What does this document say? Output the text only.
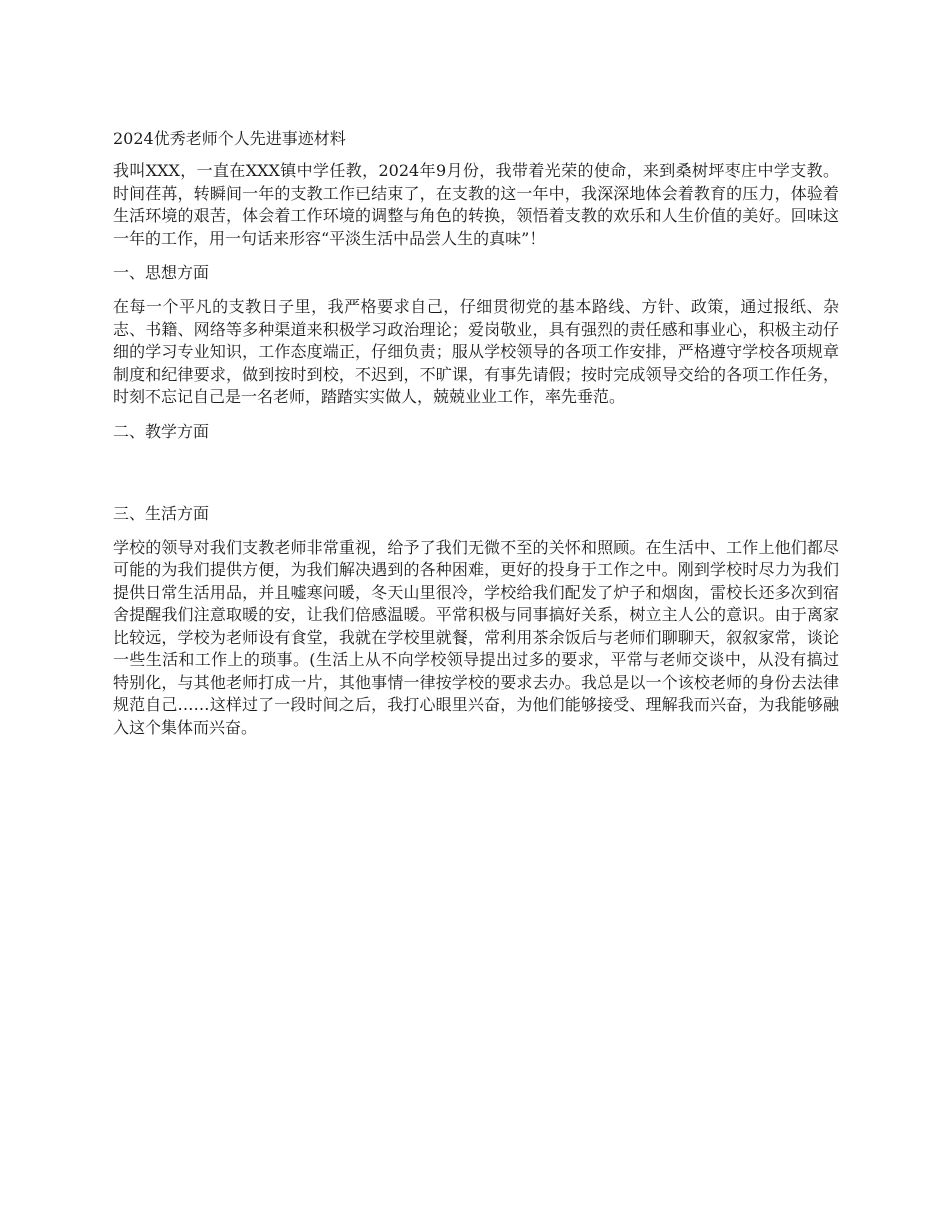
2024优秀老师个人先进事迹材料

我叫XXX，一直在XXX镇中学任教，2024年9月份，我带着光荣的使命，来到桑树坪枣庄中学支教。时间荏苒，转瞬间一年的支教工作已结束了，在支教的这一年中，我深深地体会着教育的压力，体验着生活环境的艰苦，体会着工作环境的调整与角色的转换，领悟着支教的欢乐和人生价值的美好。回味这一年的工作，用一句话来形容“平淡生活中品尝人生的真味”！

一、思想方面

在每一个平凡的支教日子里，我严格要求自己，仔细贯彻党的基本路线、方针、政策，通过报纸、杂志、书籍、网络等多种渠道来积极学习政治理论；爱岗敬业，具有强烈的责任感和事业心，积极主动仔细的学习专业知识，工作态度端正，仔细负责；服从学校领导的各项工作安排，严格遵守学校各项规章制度和纪律要求，做到按时到校，不迟到，不旷课，有事先请假；按时完成领导交给的各项工作任务，时刻不忘记自己是一名老师，踏踏实实做人，兢兢业业工作，率先垂范。

二、教学方面
三、生活方面

学校的领导对我们支教老师非常重视，给予了我们无微不至的关怀和照顾。在生活中、工作上他们都尽可能的为我们提供方便，为我们解决遇到的各种困难，更好的投身于工作之中。刚到学校时尽力为我们提供日常生活用品，并且嘘寒问暖，冬天山里很冷，学校给我们配发了炉子和烟囱，雷校长还多次到宿舍提醒我们注意取暖的安，让我们倍感温暖。平常积极与同事搞好关系，树立主人公的意识。由于离家比较远，学校为老师设有食堂，我就在学校里就餐，常利用茶余饭后与老师们聊聊天，叙叙家常，谈论一些生活和工作上的琐事。(生活上从不向学校领导提出过多的要求，平常与老师交谈中，从没有搞过特别化，与其他老师打成一片，其他事情一律按学校的要求去办。我总是以一个该校老师的身份去法律规范自己……这样过了一段时间之后，我打心眼里兴奋，为他们能够接受、理解我而兴奋，为我能够融入这个集体而兴奋。
